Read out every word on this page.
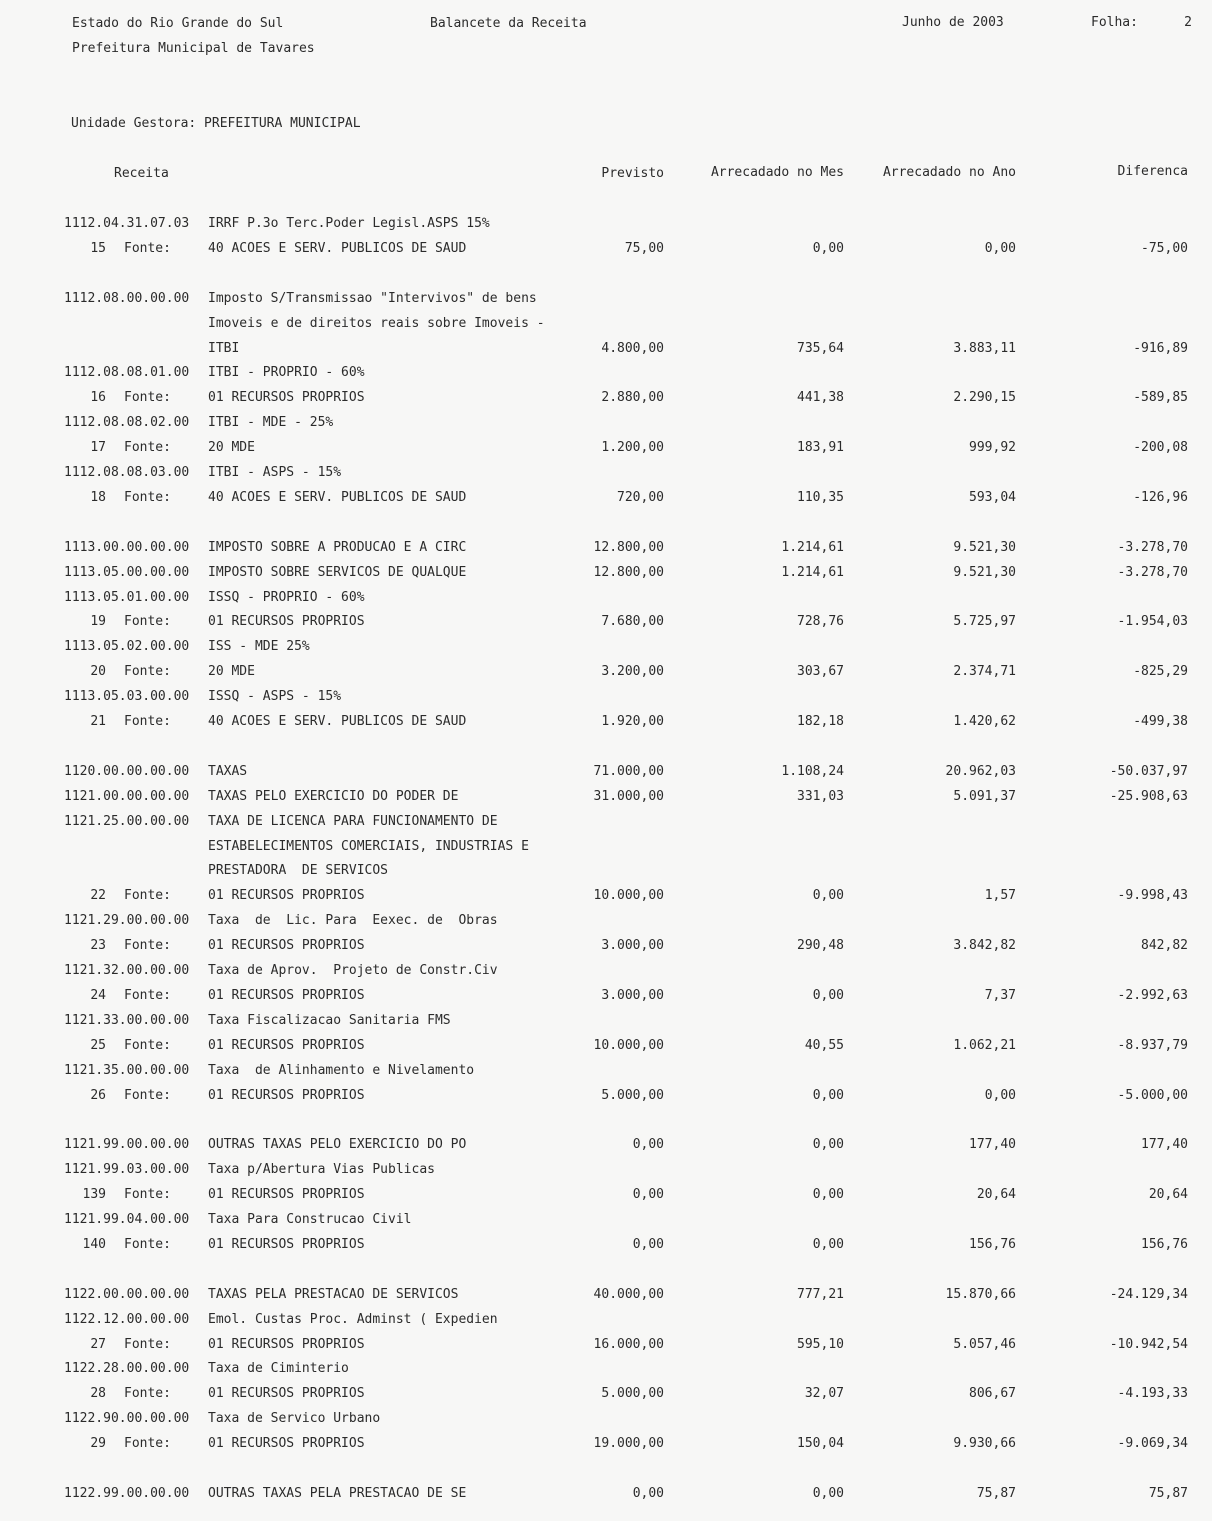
Estado do Rio Grande do Sul	Balancete da Receita	Junho de 2003	Folha:	2
Prefeitura Municipal de Tavares
Unidade Gestora: PREFEITURA MUNICIPAL
Receita	Previsto	Arrecadado no Mes	Arrecadado no Ano	Diferenca
1112.04.31.07.03 IRRF P.3o Terc.Poder Legisl.ASPS 15%
15 Fonte:	40 ACOES E SERV. PUBLICOS DE SAUD	75,00	0,00	0,00	-75,00
1112.08.00.00.00 Imposto S/Transmissao "Intervivos" de bens
Imoveis e de direitos reais sobre Imoveis -
ITBI	4.800,00	735,64	3.883,11	-916,89
1112.08.08.01.00 ITBI - PROPRIO - 60%
16 Fonte:	01 RECURSOS PROPRIOS	2.880,00	441,38	2.290,15	-589,85
1112.08.08.02.00 ITBI - MDE - 25%
17 Fonte:	20 MDE	1.200,00	183,91	999,92	-200,08
1112.08.08.03.00 ITBI - ASPS - 15%
18 Fonte:	40 ACOES E SERV. PUBLICOS DE SAUD	720,00	110,35	593,04	-126,96
1113.00.00.00.00 IMPOSTO SOBRE A PRODUCAO E A CIRC	12.800,00	1.214,61	9.521,30	-3.278,70
1113.05.00.00.00 IMPOSTO SOBRE SERVICOS DE QUALQUE	12.800,00	1.214,61	9.521,30	-3.278,70
1113.05.01.00.00 ISSQ - PROPRIO - 60%
19 Fonte:	01 RECURSOS PROPRIOS	7.680,00	728,76	5.725,97	-1.954,03
1113.05.02.00.00 ISS - MDE 25%
20 Fonte:	20 MDE	3.200,00	303,67	2.374,71	-825,29
1113.05.03.00.00 ISSQ - ASPS - 15%
21 Fonte:	40 ACOES E SERV. PUBLICOS DE SAUD	1.920,00	182,18	1.420,62	-499,38
1120.00.00.00.00 TAXAS	71.000,00	1.108,24	20.962,03	-50.037,97
1121.00.00.00.00 TAXAS PELO EXERCICIO DO PODER DE	31.000,00	331,03	5.091,37	-25.908,63
1121.25.00.00.00 TAXA DE LICENCA PARA FUNCIONAMENTO DE
ESTABELECIMENTOS COMERCIAIS, INDUSTRIAS E
PRESTADORA  DE SERVICOS
22 Fonte:	01 RECURSOS PROPRIOS	10.000,00	0,00	1,57	-9.998,43
1121.29.00.00.00 Taxa  de  Lic. Para  Eexec. de  Obras
23 Fonte:	01 RECURSOS PROPRIOS	3.000,00	290,48	3.842,82	842,82
1121.32.00.00.00 Taxa de Aprov.  Projeto de Constr.Civ
24 Fonte:	01 RECURSOS PROPRIOS	3.000,00	0,00	7,37	-2.992,63
1121.33.00.00.00 Taxa Fiscalizacao Sanitaria FMS
25 Fonte:	01 RECURSOS PROPRIOS	10.000,00	40,55	1.062,21	-8.937,79
1121.35.00.00.00 Taxa  de Alinhamento e Nivelamento
26 Fonte:	01 RECURSOS PROPRIOS	5.000,00	0,00	0,00	-5.000,00
1121.99.00.00.00 OUTRAS TAXAS PELO EXERCICIO DO PO	0,00	0,00	177,40	177,40
1121.99.03.00.00 Taxa p/Abertura Vias Publicas
139 Fonte:	01 RECURSOS PROPRIOS	0,00	0,00	20,64	20,64
1121.99.04.00.00 Taxa Para Construcao Civil
140 Fonte:	01 RECURSOS PROPRIOS	0,00	0,00	156,76	156,76
1122.00.00.00.00 TAXAS PELA PRESTACAO DE SERVICOS	40.000,00	777,21	15.870,66	-24.129,34
1122.12.00.00.00 Emol. Custas Proc. Adminst ( Expedien
27 Fonte:	01 RECURSOS PROPRIOS	16.000,00	595,10	5.057,46	-10.942,54
1122.28.00.00.00 Taxa de Ciminterio
28 Fonte:	01 RECURSOS PROPRIOS	5.000,00	32,07	806,67	-4.193,33
1122.90.00.00.00 Taxa de Servico Urbano
29 Fonte:	01 RECURSOS PROPRIOS	19.000,00	150,04	9.930,66	-9.069,34
1122.99.00.00.00 OUTRAS TAXAS PELA PRESTACAO DE SE	0,00	0,00	75,87	75,87
